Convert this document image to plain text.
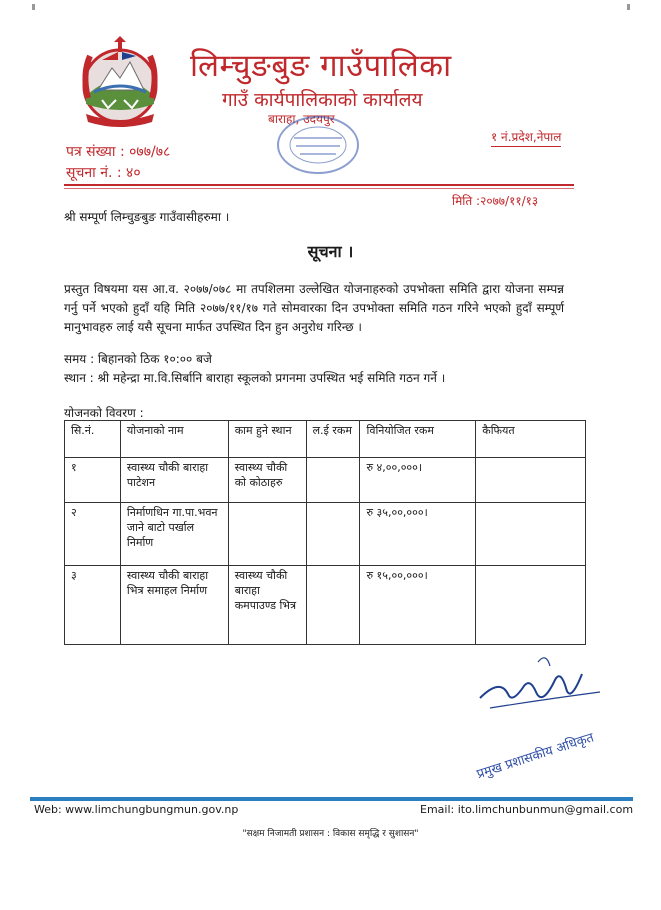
लिम्चुङबुङ गाउँपालिका
गाउँ कार्यपालिकाको कार्यालय
बाराहा, उदयपुर
१ नं.प्रदेश,नेपाल
पत्र संख्या : ०७७/७८
सूचना नं. : ४०
मिति :२०७७/११/१३
श्री सम्पूर्ण लिम्चुङबुङ गाउँवासीहरुमा ।
सूचना ।

प्रस्तुत विषयमा यस आ.व. २०७७/०७८ मा तपशिलमा उल्लेखित योजनाहरुको उपभोक्ता समिति द्वारा योजना सम्पन्न गर्नु पर्ने भएको हुदाँ यहि मिति २०७७/११/१७ गते सोमवारका दिन उपभोक्ता समिति गठन गरिने भएको हुदाँ सम्पूर्ण मानुभावहरु लाई यसै सूचना मार्फत उपस्थित दिन हुन अनुरोध गरिन्छ ।

समय : बिहानको ठिक १०:०० बजे
स्थान : श्री महेन्द्रा मा.वि.सिर्बानि बाराहा स्कूलको प्रगनमा उपस्थित भई समिति गठन गर्ने ।
योजनको विवरण :
सि.नं.	योजनाको नाम	काम हुने स्थान	ल.ई रकम	विनियोजित रकम	कैफियत
१	स्वास्थ्य चौकी बाराहा पाटेशन	स्वास्थ्य चौकी को कोठाहरु		रु ४,००,०००।	
२	निर्माणधिन गा.पा.भवन जाने बाटो पर्खाल निर्माण			रु ३५,००,०००।	
३	स्वास्थ्य चौकी बाराहा भित्र समाहल निर्माण	स्वास्थ्य चौकी बाराहा कमपाउण्ड भित्र		रु १५,००,०००।	
प्रमुख प्रशासकीय अधिकृत
Web: www.limchungbungmun.gov.np	Email: ito.limchunbunmun@gmail.com
"सक्षम निजामती प्रशासन : विकास समृद्धि र सुशासन"
